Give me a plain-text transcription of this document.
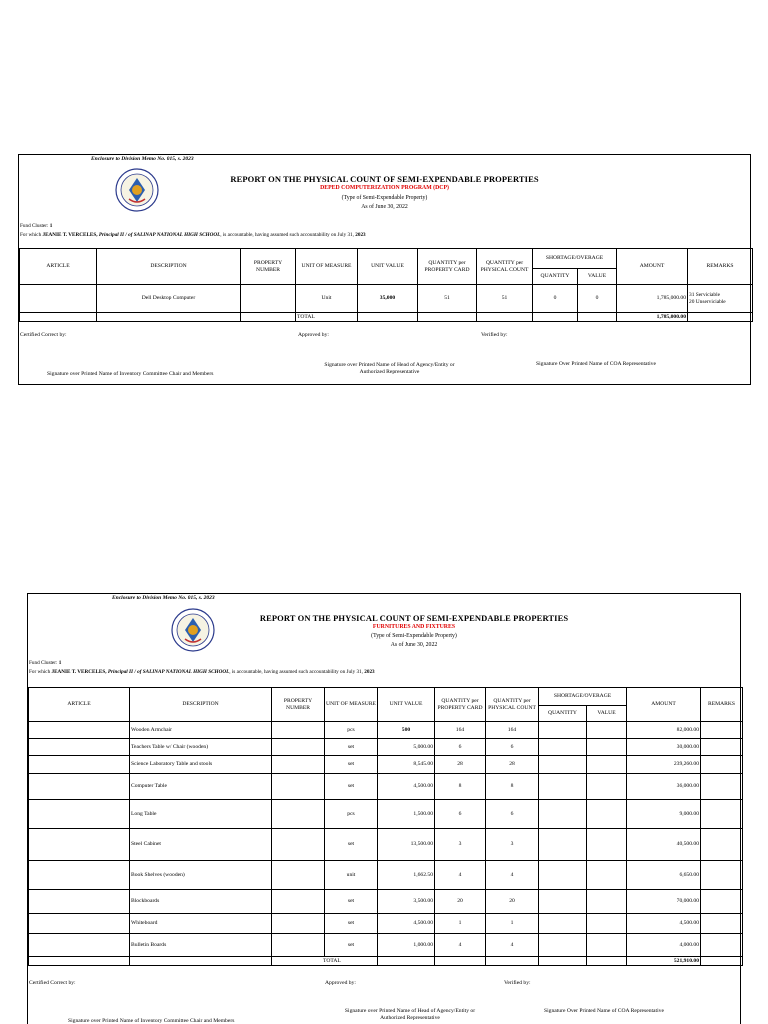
Enclosure to Division Memo No. 015, s. 2023
REPORT ON THE PHYSICAL COUNT OF SEMI-EXPENDABLE PROPERTIES
DEPED COMPUTERIZATION PROGRAM (DCP)
(Type of Semi-Expendable Property)
As of June 30, 2022
Fund Cluster: 1
For which JEANIE T. VERCELES, Principal II / of SALINAP NATIONAL HIGH SCHOOL, is accountable, having assumed such accountability on July 31, 2023
ARTICLE	DESCRIPTION	PROPERTY NUMBER	UNIT OF MEASURE	UNIT VALUE	QUANTITY per PROPERTY CARD	QUANTITY per PHYSICAL COUNT	SHORTAGE/OVERAGE		AMOUNT	REMARKS
							QUANTITY	VALUE		
	Dell Desktop Computer		Unit	35,000	51	51	0	0	1,785,000.00	31 Serviciable
20 Unserviciable

			TOTAL						1,785,000.00	
Certified Correct by:	Approved by:	Verified by:
Signature over Printed Name of Inventory Committee Chair and Members
Signature over Printed Name of Head of Agency/Entity or
Authorized Representative
Signature Over Printed Name of COA Representative
Enclosure to Division Memo No. 015, s. 2023
REPORT ON THE PHYSICAL COUNT OF SEMI-EXPENDABLE PROPERTIES
FURNITURES AND FIXTURES
(Type of Semi-Expendable Property)
As of June 30, 2022
Fund Cluster: 1
For which JEANIE T. VERCELES, Principal II / of SALINAP NATIONAL HIGH SCHOOL, is accountable, having assumed such accountability on July 31, 2023
ARTICLE	DESCRIPTION	PROPERTY NUMBER	UNIT OF MEASURE	UNIT VALUE	QUANTITY per PROPERTY CARD	QUANTITY per PHYSICAL COUNT	SHORTAGE/OVERAGE		AMOUNT	REMARKS
							QUANTITY	VALUE		
	Wooden Armchair		pcs	500	164	164			82,000.00	
	Teachers Table w/ Chair (wooden)		set	5,000.00	6	6			30,000.00	
	Science Laboratory Table and stools		set	8,545.00	28	28			239,260.00	
	Computer Table		set	4,500.00	8	8			36,000.00	
	Long Table		pcs	1,500.00	6	6			9,000.00	
	Steel Cabinet		set	13,500.00	3	3			40,500.00	
	Book Shelves (wooden)		unit	1,662.50	4	4			6,650.00	
	Blockboards		set	3,500.00	20	20			70,000.00	
	Whiteboard		set	4,500.00	1	1			4,500.00	
	Bulletin Boards		set	1,000.00	4	4			4,000.00	
		TOTAL							521,910.00	
Certified Correct by:	Approved by:	Verified by:
Signature over Printed Name of Head of Agency/Entity or
Authorized Representative
Signature Over Printed Name of COA Representative
Signature over Printed Name of Inventory Committee Chair and Members
